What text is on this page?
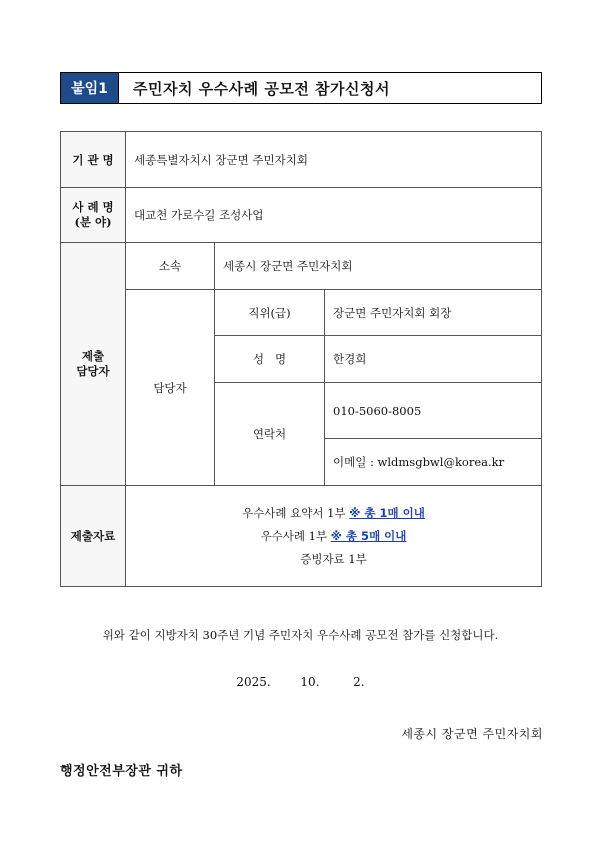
붙임1	주민자치 우수사례 공모전 참가신청서
기 관 명	세종특별자치시 장군면 주민자치회		

사 례 명
(분 야)	대교천 가로수길 조성사업		

제출
담당자	소속	세종시 장군면 주민자치회	
	담당자	직위(급)	장군면 주민자치회 회장
		성   명	한경희
		연락처	010-5060-8005
			이메일 : wldmsgbwl@korea.kr

제출자료	우수사례 요약서 1부 ※ 총 1매 이내
우수사례 1부 ※ 총 5매 이내
증빙자료 1부		
위와 같이 지방자치 30주년 기념 주민자치 우수사례 공모전 참가를 신청합니다.
2025. 10.	2.
세종시 장군면 주민자치회
행정안전부장관 귀하
